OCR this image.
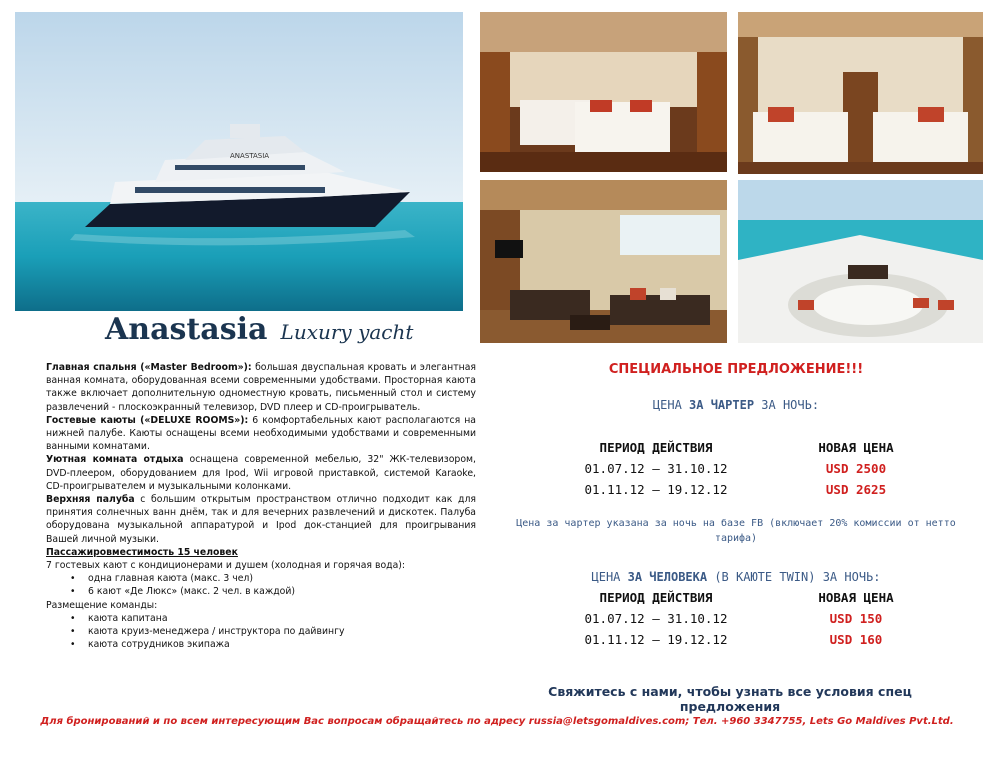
ANASTASIA
Anastasia Luxury yacht

Главная спальня («Master Bedroom»): большая двуспальная кровать и элегантная ванная комната, оборудованная всеми современными удобствами. Просторная каюта также включает дополнительную одноместную кровать, письменный стол и систему развлечений - плоскоэкранный телевизор, DVD плеер и CD-проигрыватель.

Гостевые каюты («DELUXE ROOMS»): 6 комфортабельных кают располагаются на нижней палубе. Каюты оснащены всеми необходимыми удобствами и современными ванными комнатами.

Уютная комната отдыха оснащена современной мебелью, 32" ЖК-телевизором, DVD-плеером, оборудованием для Ipod, Wii игровой приставкой, системой Karaoke, CD-проигрывателем и музыкальными колонками.

Верхняя палуба с большим открытым пространством отлично подходит как для принятия солнечных ванн днём, так и для вечерних развлечений и дискотек. Палуба оборудована музыкальной аппаратурой и Ipod док-станцией для проигрывания Вашей личной музыки.

Пассажировместимость 15 человек

7 гостевых кают с кондиционерами и душем (холодная и горячая вода):

• одна главная каюта (макс. 3 чел)
• 6 кают «Де Люкс» (макс. 2 чел. в каждой)

Размещение команды:

• каюта капитана
• каюта круиз-менеджера / инструктора по дайвингу
• каюта сотрудников экипажа
СПЕЦИАЛЬНОЕ ПРЕДЛОЖЕНИЕ!!!
ЦЕНА ЗА ЧАРТЕР ЗА НОЧЬ:
ПЕРИОД ДЕЙСТВИЯ	НОВАЯ ЦЕНА
01.07.12 – 31.10.12	USD 2500
01.11.12 – 19.12.12	USD 2625
Цена за чартер указана за ночь на базе FB (включает 20% комиссии от нетто тарифа)
ЦЕНА ЗА ЧЕЛОВЕКА (В КАЮТЕ TWIN) ЗА НОЧЬ:
ПЕРИОД ДЕЙСТВИЯ	НОВАЯ ЦЕНА
01.07.12 – 31.10.12	USD 150
01.11.12 – 19.12.12	USD 160
Свяжитесь с нами, чтобы узнать все условия спец предложения
Для бронирований и по всем интересующим Вас вопросам обращайтесь по адресу russia@letsgomaldives.com; Тел. +960 3347755, Lets Go Maldives Pvt.Ltd.
